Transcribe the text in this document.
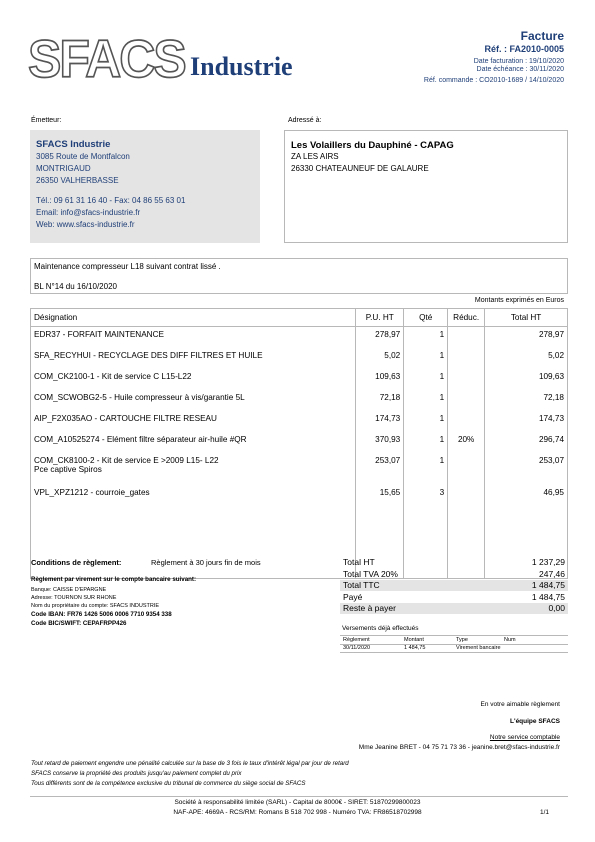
SFACS Industrie
Facture
Réf. : FA2010-0005
Date facturation : 19/10/2020
Date échéance : 30/11/2020
Réf. commande : CO2010-1689 / 14/10/2020
Émetteur:
SFACS Industrie
3085 Route de Montfalcon
MONTRIGAUD
26350 VALHERBASSE
Tél.: 09 61 31 16 40 - Fax: 04 86 55 63 01
Email: info@sfacs-industrie.fr
Web: www.sfacs-industrie.fr
Adressé à:
Les Volaillers du Dauphiné - CAPAG
ZA LES AIRS
26330 CHATEAUNEUF DE GALAURE
Maintenance compresseur L18 suivant contrat lissé .
BL N°14 du 16/10/2020
Montants exprimés en Euros
Désignation	P.U. HT	Qté	Réduc.	Total HT
EDR37 - FORFAIT MAINTENANCE	278,97	1		278,97
SFA_RECYHUI - RECYCLAGE DES DIFF FILTRES ET HUILE	5,02	1		5,02
COM_CK2100-1 - Kit de service C L15-L22	109,63	1		109,63
COM_SCWOBG2-5 - Huile compresseur à vis/garantie 5L	72,18	1		72,18
AIP_F2X035AO - CARTOUCHE FILTRE RESEAU	174,73	1		174,73
COM_A10525274 - Elément filtre séparateur air-huile #QR	370,93	1	20%	296,74
COM_CK8100-2 - Kit de service E >2009 L15- L22
Pce captive Spiros	253,07	1		253,07
VPL_XPZ1212 - courroie_gates	15,65	3		46,95

Conditions de règlement:	Règlement à 30 jours fin de mois
Règlement par virement sur le compte bancaire suivant:
Banque: CAISSE D'EPARGNE
Adresse: TOURNON SUR RHONE
Nom du propriétaire du compte: SFACS INDUSTRIE
Code IBAN: FR76 1426 5006 0006 7710 9354 338
Code BIC/SWIFT: CEPAFRPP426
Total HT	1 237,29
Total TVA 20%	247,46
Total TTC	1 484,75
Payé	1 484,75
Reste à payer	0,00
Versements déjà effectués
Règlement	Montant	Type	Num
30/11/2020	1 484,75	Virement bancaire
En votre aimable règlement
L'équipe SFACS
Notre service comptable
Mme Jeanine BRET - 04 75 71 73 36 - jeanine.bret@sfacs-industrie.fr
Tout retard de paiement engendre une pénalité calculée sur la base de 3 fois le taux d'intérêt légal par jour de retard
SFACS conserve la propriété des produits jusqu'au paiement complet du prix
Tous différents sont de la compétence exclusive du tribunal de commerce du siège social de SFACS
Société à responsabilité limitée (SARL) - Capital de 8000€ - SIRET: 51870299800023
NAF-APE: 4669A - RCS/RM: Romans B 518 702 998 - Numéro TVA: FR86518702998	1/1
